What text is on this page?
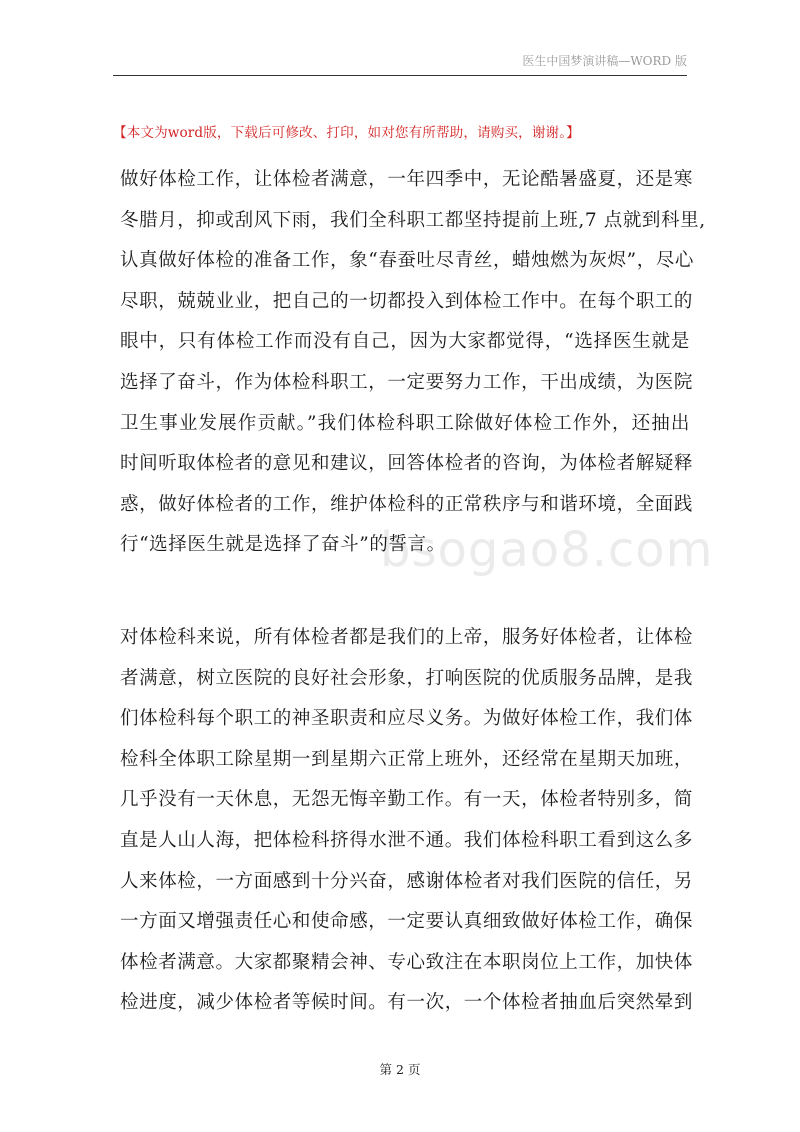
医生中国梦演讲稿—WORD 版
【本文为word版，下载后可修改、打印，如对您有所帮助，请购买，谢谢。】
bsogao8.com
做好体检工作，让体检者满意，一年四季中，无论酷暑盛夏，还是寒
冬腊月，抑或刮风下雨，我们全科职工都坚持提前上班,7 点就到科里,
认真做好体检的准备工作，象“春蚕吐尽青丝，蜡烛燃为灰烬”，尽心
尽职，兢兢业业，把自己的一切都投入到体检工作中。在每个职工的
眼中，只有体检工作而没有自己，因为大家都觉得，“选择医生就是
选择了奋斗，作为体检科职工，一定要努力工作，干出成绩，为医院
卫生事业发展作贡献。”我们体检科职工除做好体检工作外，还抽出
时间听取体检者的意见和建议，回答体检者的咨询，为体检者解疑释
惑，做好体检者的工作，维护体检科的正常秩序与和谐环境，全面践
行“选择医生就是选择了奋斗”的誓言。
对体检科来说，所有体检者都是我们的上帝，服务好体检者，让体检
者满意，树立医院的良好社会形象，打响医院的优质服务品牌，是我
们体检科每个职工的神圣职责和应尽义务。为做好体检工作，我们体
检科全体职工除星期一到星期六正常上班外，还经常在星期天加班，
几乎没有一天休息，无怨无悔辛勤工作。有一天，体检者特别多，简
直是人山人海，把体检科挤得水泄不通。我们体检科职工看到这么多
人来体检，一方面感到十分兴奋，感谢体检者对我们医院的信任，另
一方面又增强责任心和使命感，一定要认真细致做好体检工作，确保
体检者满意。大家都聚精会神、专心致注在本职岗位上工作，加快体
检进度，减少体检者等候时间。有一次，一个体检者抽血后突然晕到
第 2 页
